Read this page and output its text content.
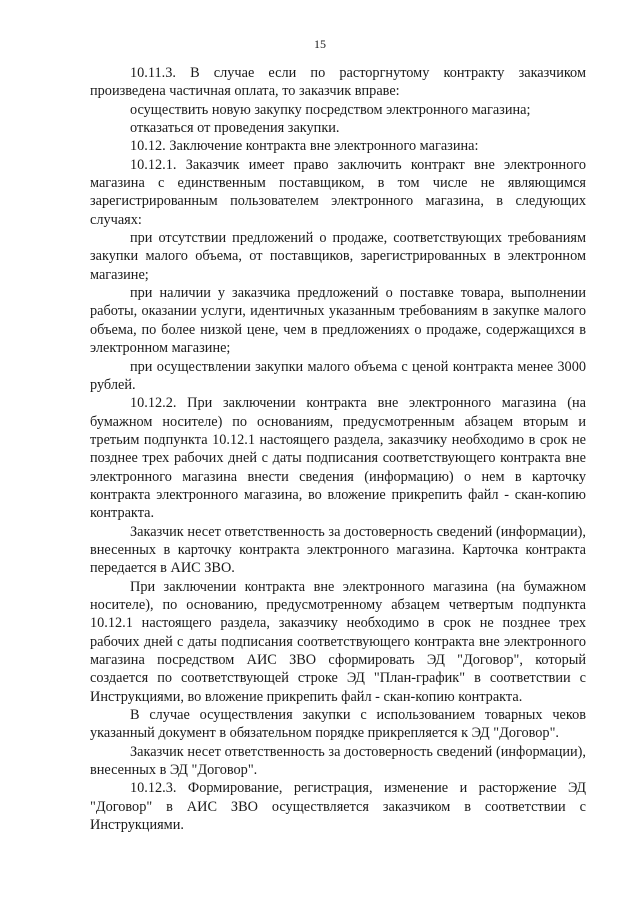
15

10.11.3. В случае если по расторгнутому контракту заказчиком произведена частичная оплата, то заказчик вправе:

осуществить новую закупку посредством электронного магазина;

отказаться от проведения закупки.

10.12. Заключение контракта вне электронного магазина:

10.12.1. Заказчик имеет право заключить контракт вне электронного магазина с единственным поставщиком, в том числе не являющимся зарегистрированным пользователем электронного магазина, в следующих случаях:

при отсутствии предложений о продаже, соответствующих требованиям закупки малого объема, от поставщиков, зарегистрированных в электронном магазине;

при наличии у заказчика предложений о поставке товара, выполнении работы, оказании услуги, идентичных указанным требованиям в закупке малого объема, по более низкой цене, чем в предложениях о продаже, содержащихся в электронном магазине;

при осуществлении закупки малого объема с ценой контракта менее 3000 рублей.

10.12.2. При заключении контракта вне электронного магазина (на бумажном носителе) по основаниям, предусмотренным абзацем вторым и третьим подпункта 10.12.1 настоящего раздела, заказчику необходимо в срок не позднее трех рабочих дней с даты подписания соответствующего контракта вне электронного магазина внести сведения (информацию) о нем в карточку контракта электронного магазина, во вложение прикрепить файл - скан-копию контракта.

Заказчик несет ответственность за достоверность сведений (информации), внесенных в карточку контракта электронного магазина. Карточка контракта передается в АИС ЗВО.

При заключении контракта вне электронного магазина (на бумажном носителе), по основанию, предусмотренному абзацем четвертым подпункта 10.12.1 настоящего раздела, заказчику необходимо в срок не позднее трех рабочих дней с даты подписания соответствующего контракта вне электронного магазина посредством АИС ЗВО сформировать ЭД "Договор", который создается по соответствующей строке ЭД "План-график" в соответствии с Инструкциями, во вложение прикрепить файл - скан-копию контракта.

В случае осуществления закупки с использованием товарных чеков указанный документ в обязательном порядке прикрепляется к ЭД "Договор".

Заказчик несет ответственность за достоверность сведений (информации), внесенных в ЭД "Договор".

10.12.3. Формирование, регистрация, изменение и расторжение ЭД "Договор" в АИС ЗВО осуществляется заказчиком в соответствии с Инструкциями.
